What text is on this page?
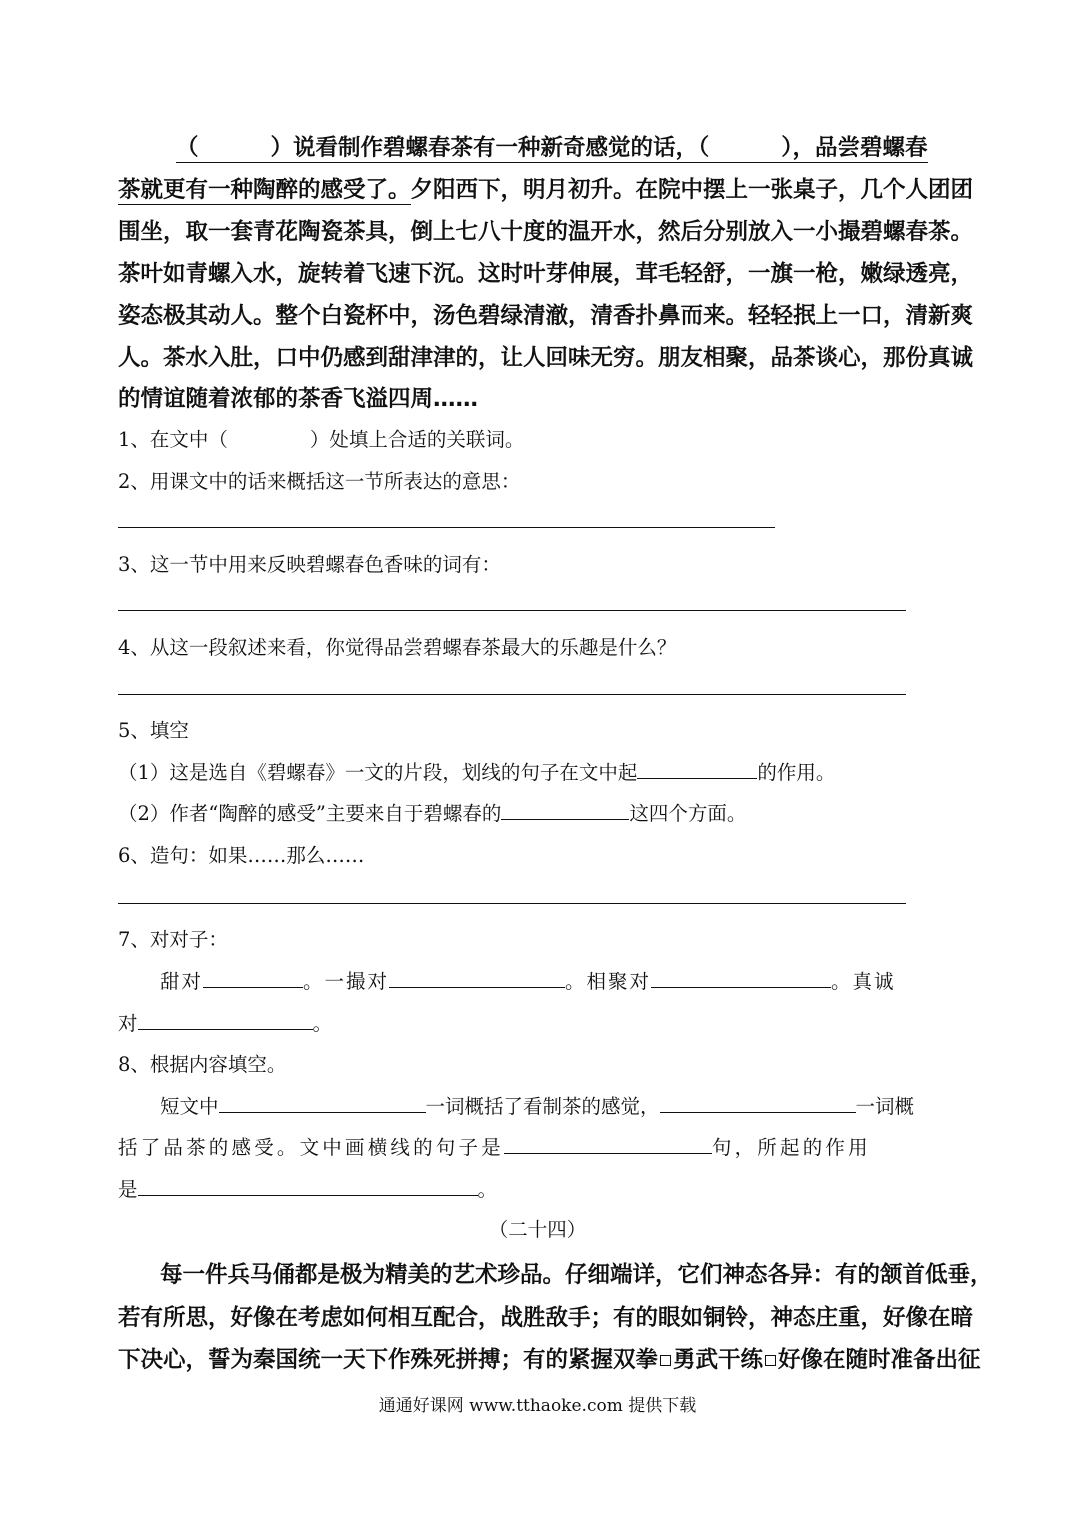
（	）说看制作碧螺春茶有一种新奇感觉的话，（	），品尝碧螺春
茶就更有一种陶醉的感受了。夕阳西下，明月初升。在院中摆上一张桌子，几个人团团
围坐，取一套青花陶瓷茶具，倒上七八十度的温开水，然后分别放入一小撮碧螺春茶。
茶叶如青螺入水，旋转着飞速下沉。这时叶芽伸展，茸毛轻舒，一旗一枪，嫩绿透亮，
姿态极其动人。整个白瓷杯中，汤色碧绿清澈，清香扑鼻而来。轻轻抿上一口，清新爽
人。茶水入肚，口中仍感到甜津津的，让人回味无穷。朋友相聚，品茶谈心，那份真诚
的情谊随着浓郁的茶香飞溢四周……
1、在文中（	）处填上合适的关联词。
2、用课文中的话来概括这一节所表达的意思：
3、这一节中用来反映碧螺春色香味的词有：
4、从这一段叙述来看，你觉得品尝碧螺春茶最大的乐趣是什么？
5、填空
（1）这是选自《碧螺春》一文的片段，划线的句子在文中起	的作用。
（2）作者“陶醉的感受”主要来自于碧螺春的	这四个方面。
6、造句：如果……那么……
7、对对子：
甜对	。一撮对	。相聚对	。真诚
对	。
8、根据内容填空。
短文中	一词概括了看制茶的感觉，	一词概
括了品茶的感受。文中画横线的句子是	句，所起的作用
是	。
（二十四）
每一件兵马俑都是极为精美的艺术珍品。仔细端详，它们神态各异：有的颔首低垂，
若有所思，好像在考虑如何相互配合，战胜敌手；有的眼如铜铃，神态庄重，好像在暗
下决心，誓为秦国统一天下作殊死拼搏；有的紧握双拳 勇武干练 好像在随时准备出征
通通好课网 www.tthaoke.com 提供下载
